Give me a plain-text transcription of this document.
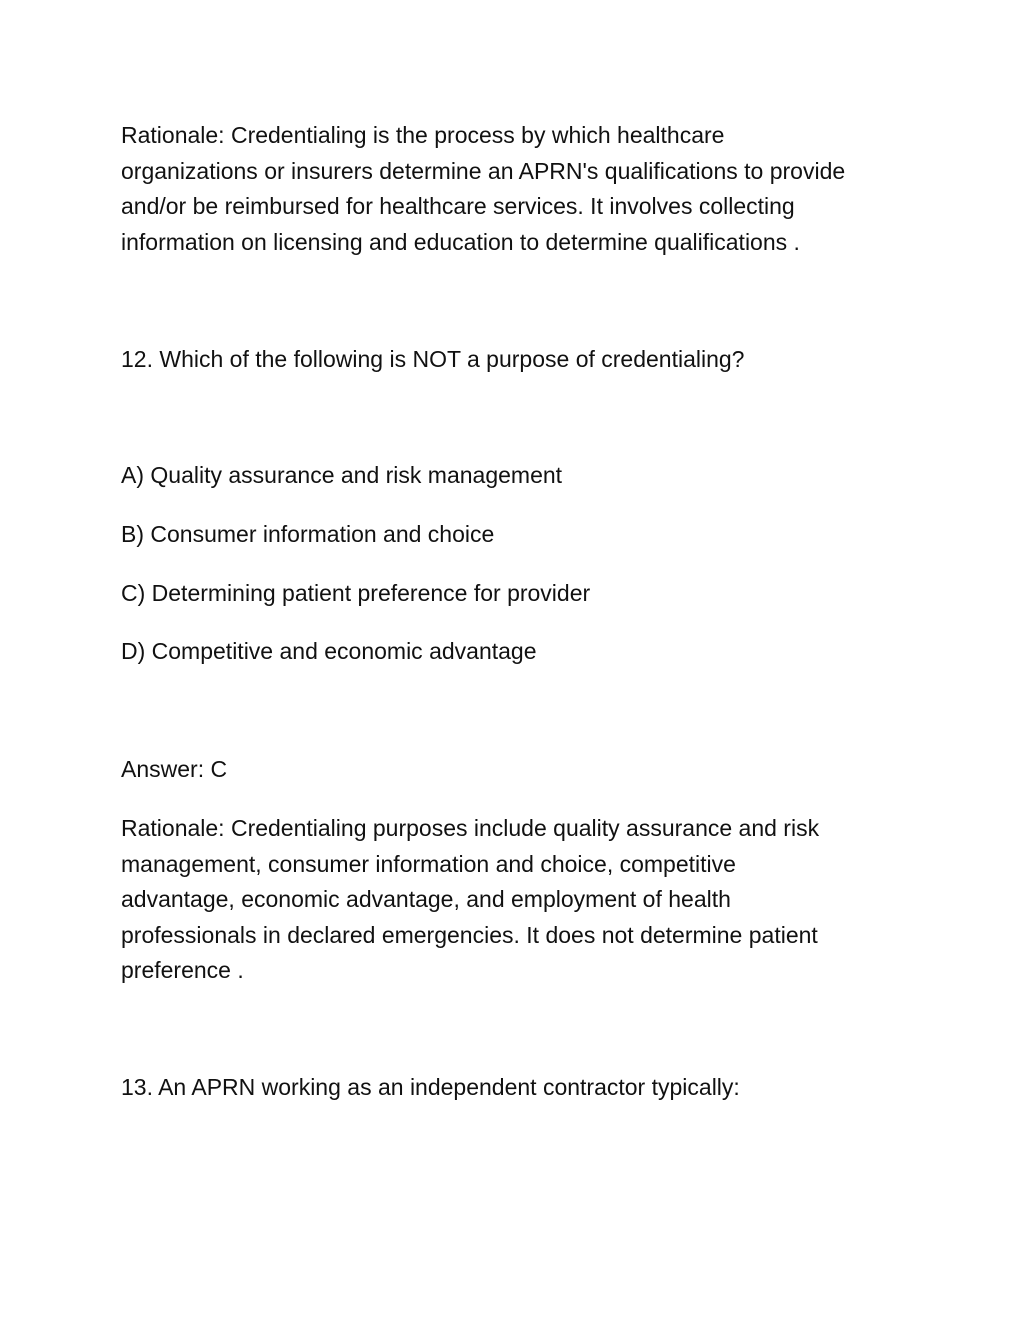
Rationale: Credentialing is the process by which healthcare
organizations or insurers determine an APRN's qualifications to provide
and/or be reimbursed for healthcare services. It involves collecting
information on licensing and education to determine qualifications .

12. Which of the following is NOT a purpose of credentialing?

A) Quality assurance and risk management

B) Consumer information and choice

C) Determining patient preference for provider

D) Competitive and economic advantage

Answer: C

Rationale: Credentialing purposes include quality assurance and risk
management, consumer information and choice, competitive
advantage, economic advantage, and employment of health
professionals in declared emergencies. It does not determine patient
preference .

13. An APRN working as an independent contractor typically:
